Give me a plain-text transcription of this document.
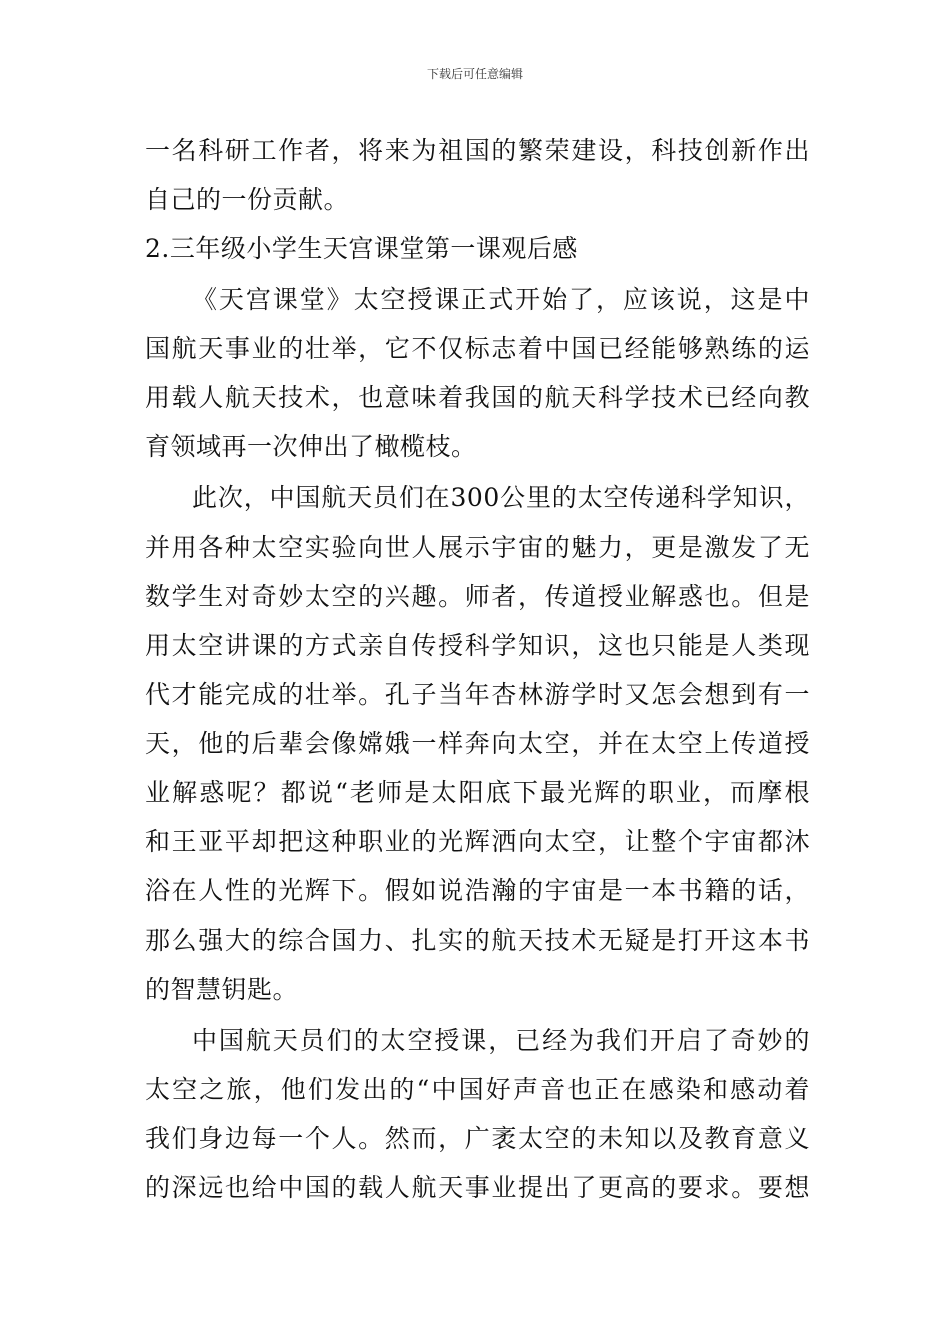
下载后可任意编辑
一名科研工作者，将来为祖国的繁荣建设，科技创新作出
自己的一份贡献。
2.三年级小学生天宫课堂第一课观后感
《天宫课堂》太空授课正式开始了，应该说，这是中
国航天事业的壮举，它不仅标志着中国已经能够熟练的运
用载人航天技术，也意味着我国的航天科学技术已经向教
育领域再一次伸出了橄榄枝。
此次，中国航天员们在300公里的太空传递科学知识，
并用各种太空实验向世人展示宇宙的魅力，更是激发了无
数学生对奇妙太空的兴趣。师者，传道授业解惑也。但是
用太空讲课的方式亲自传授科学知识，这也只能是人类现
代才能完成的壮举。孔子当年杏林游学时又怎会想到有一
天，他的后辈会像嫦娥一样奔向太空，并在太空上传道授
业解惑呢？都说“老师是太阳底下最光辉的职业，而摩根
和王亚平却把这种职业的光辉洒向太空，让整个宇宙都沐
浴在人性的光辉下。假如说浩瀚的宇宙是一本书籍的话，
那么强大的综合国力、扎实的航天技术无疑是打开这本书
的智慧钥匙。
中国航天员们的太空授课，已经为我们开启了奇妙的
太空之旅，他们发出的“中国好声音也正在感染和感动着
我们身边每一个人。然而，广袤太空的未知以及教育意义
的深远也给中国的载人航天事业提出了更高的要求。要想
